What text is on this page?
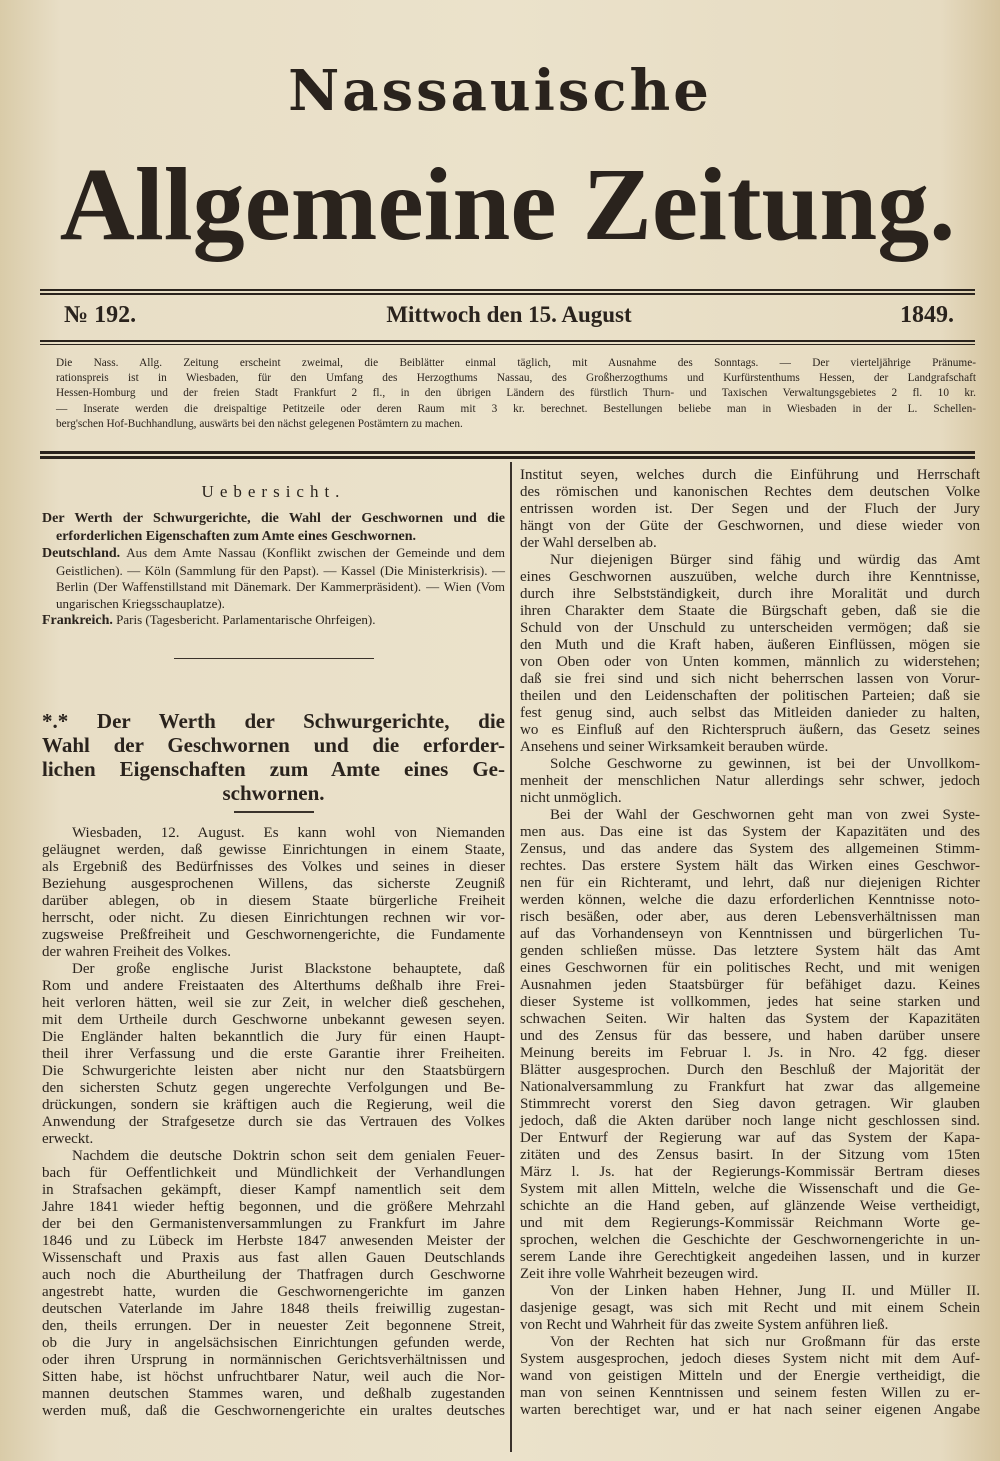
Nassauische
Allgemeine Zeitung.
№ 192.	Mittwoch den 15. August	1849.
Die Nass. Allg. Zeitung erscheint zweimal, die Beiblätter einmal täglich, mit Ausnahme des Sonntags. — Der vierteljährige Pränume-
rationspreis ist in Wiesbaden, für den Umfang des Herzogthums Nassau, des Großherzogthums und Kurfürstenthums Hessen, der Landgrafschaft
Hessen-Homburg und der freien Stadt Frankfurt 2 fl., in den übrigen Ländern des fürstlich Thurn- und Taxischen Verwaltungsgebietes 2 fl. 10 kr.
— Inserate werden die dreispaltige Petitzeile oder deren Raum mit 3 kr. berechnet. Bestellungen beliebe man in Wiesbaden in der L. Schellen-
berg'schen Hof-Buchhandlung, auswärts bei den nächst gelegenen Postämtern zu machen.
Uebersicht.
Der Werth der Schwurgerichte, die Wahl der Geschwornen und die erforderlichen Eigenschaften zum Amte eines Geschwornen.
Deutschland. Aus dem Amte Nassau (Konflikt zwischen der Gemeinde und dem Geistlichen). — Köln (Sammlung für den Papst). — Kassel (Die Ministerkrisis). — Berlin (Der Waffenstillstand mit Dänemark. Der Kammerpräsident). — Wien (Vom ungarischen Kriegsschauplatze).
Frankreich. Paris (Tagesbericht. Parlamentarische Ohrfeigen).
*.* Der Werth der Schwurgerichte, die
Wahl der Geschwornen und die erforder-
lichen Eigenschaften zum Amte eines Ge-
schwornen.
Wiesbaden, 12. August. Es kann wohl von Niemanden
geläugnet werden, daß gewisse Einrichtungen in einem Staate,
als Ergebniß des Bedürfnisses des Volkes und seines in dieser
Beziehung ausgesprochenen Willens, das sicherste Zeugniß
darüber ablegen, ob in diesem Staate bürgerliche Freiheit
herrscht, oder nicht. Zu diesen Einrichtungen rechnen wir vor-
zugsweise Preßfreiheit und Geschwornengerichte, die Fundamente
der wahren Freiheit des Volkes.
Der große englische Jurist Blackstone behauptete, daß
Rom und andere Freistaaten des Alterthums deßhalb ihre Frei-
heit verloren hätten, weil sie zur Zeit, in welcher dieß geschehen,
mit dem Urtheile durch Geschworne unbekannt gewesen seyen.
Die Engländer halten bekanntlich die Jury für einen Haupt-
theil ihrer Verfassung und die erste Garantie ihrer Freiheiten.
Die Schwurgerichte leisten aber nicht nur den Staatsbürgern
den sichersten Schutz gegen ungerechte Verfolgungen und Be-
drückungen, sondern sie kräftigen auch die Regierung, weil die
Anwendung der Strafgesetze durch sie das Vertrauen des Volkes
erweckt.
Nachdem die deutsche Doktrin schon seit dem genialen Feuer-
bach für Oeffentlichkeit und Mündlichkeit der Verhandlungen
in Strafsachen gekämpft, dieser Kampf namentlich seit dem
Jahre 1841 wieder heftig begonnen, und die größere Mehrzahl
der bei den Germanistenversammlungen zu Frankfurt im Jahre
1846 und zu Lübeck im Herbste 1847 anwesenden Meister der
Wissenschaft und Praxis aus fast allen Gauen Deutschlands
auch noch die Aburtheilung der Thatfragen durch Geschworne
angestrebt hatte, wurden die Geschwornengerichte im ganzen
deutschen Vaterlande im Jahre 1848 theils freiwillig zugestan-
den, theils errungen. Der in neuester Zeit begonnene Streit,
ob die Jury in angelsächsischen Einrichtungen gefunden werde,
oder ihren Ursprung in normännischen Gerichtsverhältnissen und
Sitten habe, ist höchst unfruchtbarer Natur, weil auch die Nor-
mannen deutschen Stammes waren, und deßhalb zugestanden
werden muß, daß die Geschwornengerichte ein uraltes deutsches
Institut seyen, welches durch die Einführung und Herrschaft
des römischen und kanonischen Rechtes dem deutschen Volke
entrissen worden ist. Der Segen und der Fluch der Jury
hängt von der Güte der Geschwornen, und diese wieder von
der Wahl derselben ab.
Nur diejenigen Bürger sind fähig und würdig das Amt
eines Geschwornen auszuüben, welche durch ihre Kenntnisse,
durch ihre Selbstständigkeit, durch ihre Moralität und durch
ihren Charakter dem Staate die Bürgschaft geben, daß sie die
Schuld von der Unschuld zu unterscheiden vermögen; daß sie
den Muth und die Kraft haben, äußeren Einflüssen, mögen sie
von Oben oder von Unten kommen, männlich zu widerstehen;
daß sie frei sind und sich nicht beherrschen lassen von Vorur-
theilen und den Leidenschaften der politischen Parteien; daß sie
fest genug sind, auch selbst das Mitleiden danieder zu halten,
wo es Einfluß auf den Richterspruch äußern, das Gesetz seines
Ansehens und seiner Wirksamkeit berauben würde.
Solche Geschworne zu gewinnen, ist bei der Unvollkom-
menheit der menschlichen Natur allerdings sehr schwer, jedoch
nicht unmöglich.
Bei der Wahl der Geschwornen geht man von zwei Syste-
men aus. Das eine ist das System der Kapazitäten und des
Zensus, und das andere das System des allgemeinen Stimm-
rechtes. Das erstere System hält das Wirken eines Geschwor-
nen für ein Richteramt, und lehrt, daß nur diejenigen Richter
werden können, welche die dazu erforderlichen Kenntnisse noto-
risch besäßen, oder aber, aus deren Lebensverhältnissen man
auf das Vorhandenseyn von Kenntnissen und bürgerlichen Tu-
genden schließen müsse. Das letztere System hält das Amt
eines Geschwornen für ein politisches Recht, und mit wenigen
Ausnahmen jeden Staatsbürger für befähiget dazu. Keines
dieser Systeme ist vollkommen, jedes hat seine starken und
schwachen Seiten. Wir halten das System der Kapazitäten
und des Zensus für das bessere, und haben darüber unsere
Meinung bereits im Februar l. Js. in Nro. 42 fgg. dieser
Blätter ausgesprochen. Durch den Beschluß der Majorität der
Nationalversammlung zu Frankfurt hat zwar das allgemeine
Stimmrecht vorerst den Sieg davon getragen. Wir glauben
jedoch, daß die Akten darüber noch lange nicht geschlossen sind.
Der Entwurf der Regierung war auf das System der Kapa-
zitäten und des Zensus basirt. In der Sitzung vom 15ten
März l. Js. hat der Regierungs-Kommissär Bertram dieses
System mit allen Mitteln, welche die Wissenschaft und die Ge-
schichte an die Hand geben, auf glänzende Weise vertheidigt,
und mit dem Regierungs-Kommissär Reichmann Worte ge-
sprochen, welchen die Geschichte der Geschwornengerichte in un-
serem Lande ihre Gerechtigkeit angedeihen lassen, und in kurzer
Zeit ihre volle Wahrheit bezeugen wird.
Von der Linken haben Hehner, Jung II. und Müller II.
dasjenige gesagt, was sich mit Recht und mit einem Schein
von Recht und Wahrheit für das zweite System anführen ließ.
Von der Rechten hat sich nur Großmann für das erste
System ausgesprochen, jedoch dieses System nicht mit dem Auf-
wand von geistigen Mitteln und der Energie vertheidigt, die
man von seinen Kenntnissen und seinem festen Willen zu er-
warten berechtiget war, und er hat nach seiner eigenen Angabe
